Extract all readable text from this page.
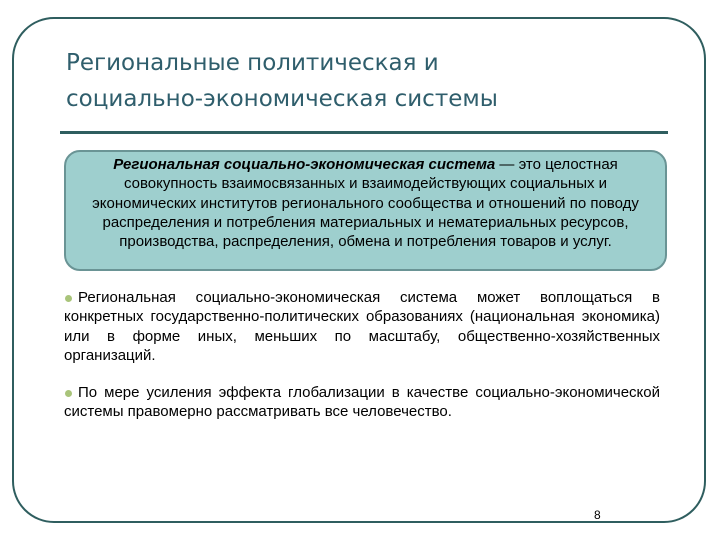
Региональные политическая и
социально-экономическая системы
Региональная социально-экономическая система — это целостная совокупность взаимосвязанных и взаимодействующих социальных и экономических институтов регионального сообщества и отношений по поводу распределения и потребления материальных и нематериальных ресурсов, производства, распределения, обмена и потребления товаров и услуг.
Региональная социально-экономическая система может воплощаться в конкретных государственно-политических образованиях (национальная экономика) или в форме иных, меньших по масштабу, общественно-хозяйственных организаций.
По мере усиления эффекта глобализации в качестве социально-экономической системы правомерно рассматривать все человечество.
8
